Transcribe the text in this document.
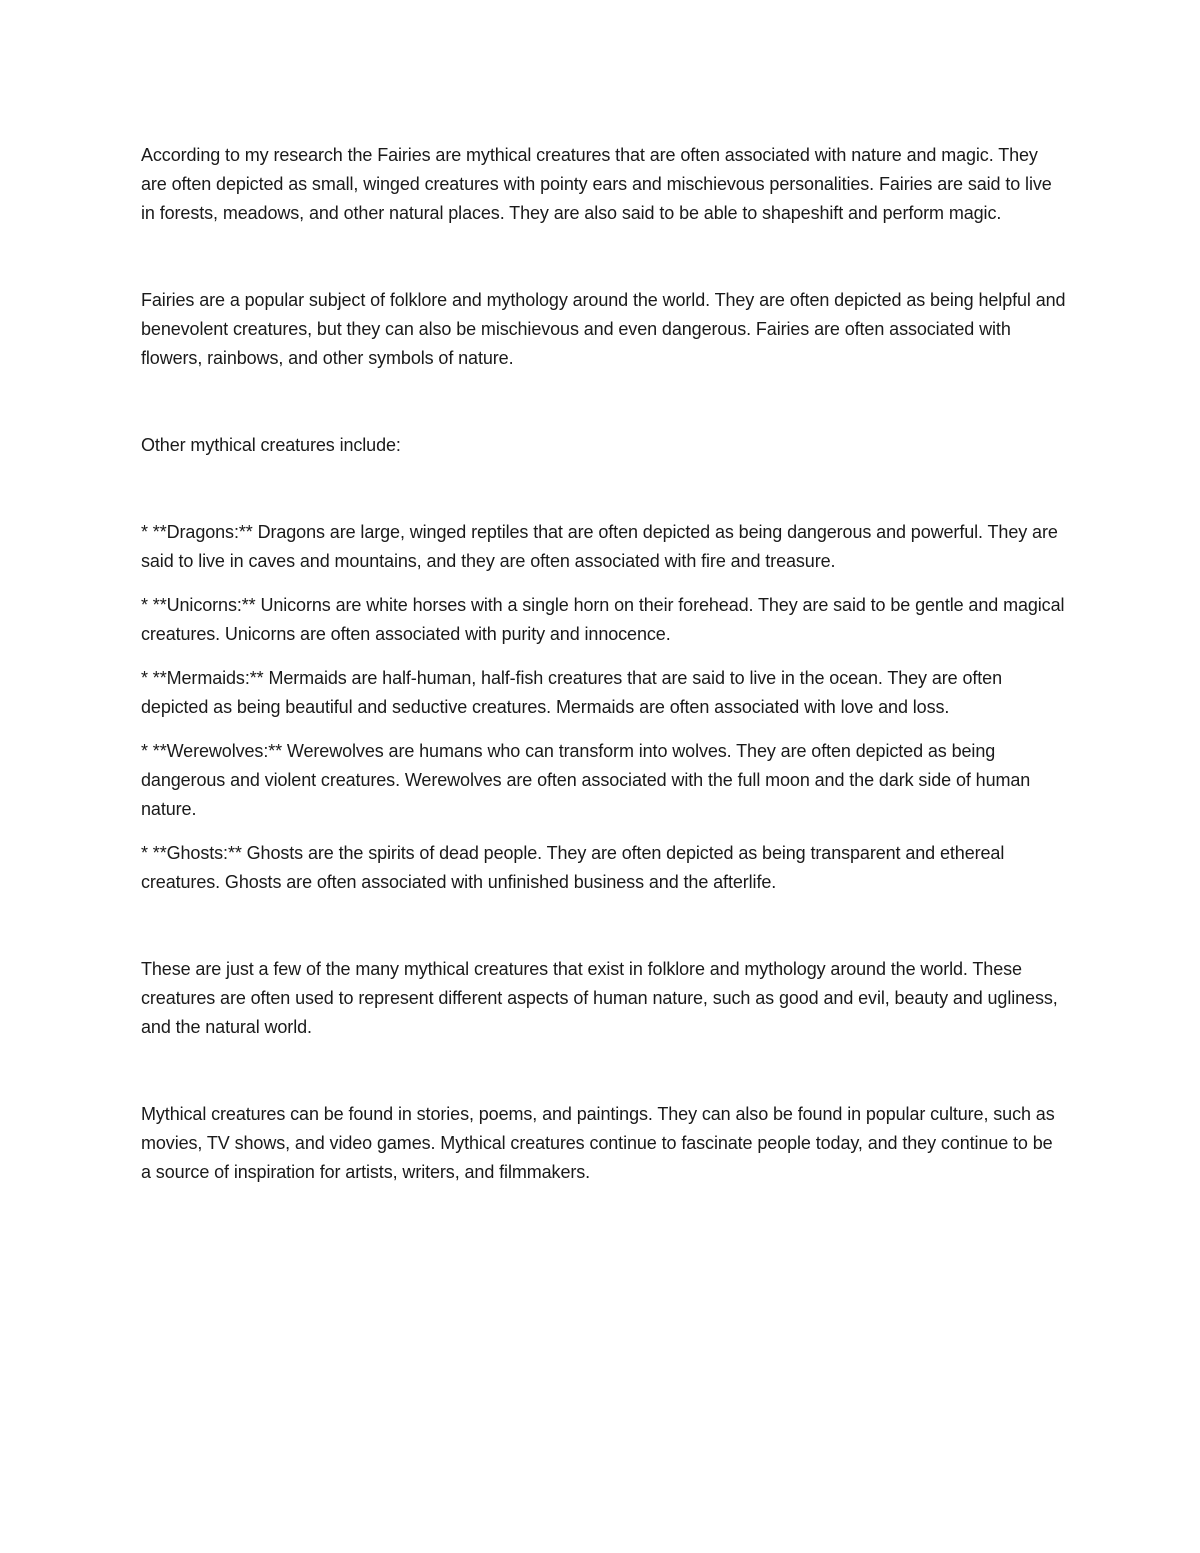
According to my research the Fairies are mythical creatures that are often associated with nature and magic. They are often depicted as small, winged creatures with pointy ears and mischievous personalities. Fairies are said to live in forests, meadows, and other natural places. They are also said to be able to shapeshift and perform magic.

Fairies are a popular subject of folklore and mythology around the world. They are often depicted as being helpful and benevolent creatures, but they can also be mischievous and even dangerous. Fairies are often associated with flowers, rainbows, and other symbols of nature.

Other mythical creatures include:

* **Dragons:** Dragons are large, winged reptiles that are often depicted as being dangerous and powerful. They are said to live in caves and mountains, and they are often associated with fire and treasure.

* **Unicorns:** Unicorns are white horses with a single horn on their forehead. They are said to be gentle and magical creatures. Unicorns are often associated with purity and innocence.

* **Mermaids:** Mermaids are half-human, half-fish creatures that are said to live in the ocean. They are often depicted as being beautiful and seductive creatures. Mermaids are often associated with love and loss.

* **Werewolves:** Werewolves are humans who can transform into wolves. They are often depicted as being dangerous and violent creatures. Werewolves are often associated with the full moon and the dark side of human nature.

* **Ghosts:** Ghosts are the spirits of dead people. They are often depicted as being transparent and ethereal creatures. Ghosts are often associated with unfinished business and the afterlife.

These are just a few of the many mythical creatures that exist in folklore and mythology around the world. These creatures are often used to represent different aspects of human nature, such as good and evil, beauty and ugliness, and the natural world.

Mythical creatures can be found in stories, poems, and paintings. They can also be found in popular culture, such as movies, TV shows, and video games. Mythical creatures continue to fascinate people today, and they continue to be a source of inspiration for artists, writers, and filmmakers.
